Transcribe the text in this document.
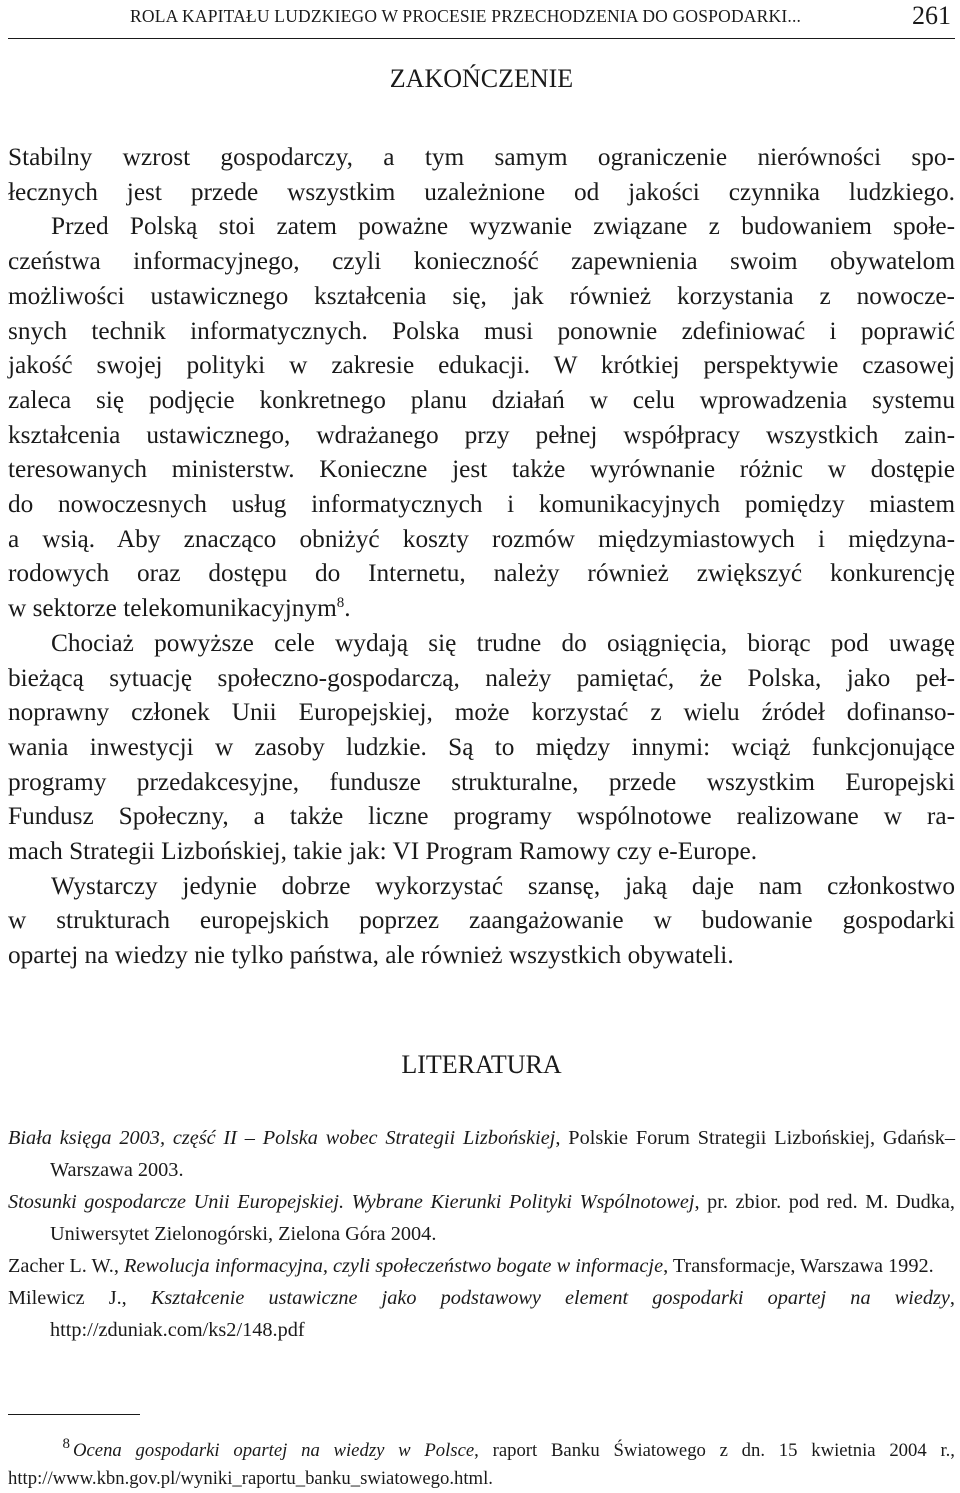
ROLA KAPITAŁU LUDZKIEGO W PROCESIE PRZECHODZENIA DO GOSPODARKI...	261
ZAKOŃCZENIE

Stabilny wzrost gospodarczy, a tym samym ograniczenie nierówności spo- łecznych jest przede wszystkim uzależnione od jakości czynnika ludzkiego. Przed Polską stoi zatem poważne wyzwanie związane z budowaniem społe- czeństwa informacyjnego, czyli konieczność zapewnienia swoim obywatelom możliwości ustawicznego kształcenia się, jak również korzystania z nowocze- snych technik informatycznych. Polska musi ponownie zdefiniować i poprawić jakość swojej polityki w zakresie edukacji. W krótkiej perspektywie czasowej zaleca się podjęcie konkretnego planu działań w celu wprowadzenia systemu kształcenia ustawicznego, wdrażanego przy pełnej współpracy wszystkich zain- teresowanych ministerstw. Konieczne jest także wyrównanie różnic w dostępie do nowoczesnych usług informatycznych i komunikacyjnych pomiędzy miastem a wsią. Aby znacząco obniżyć koszty rozmów międzymiastowych i międzyna- rodowych oraz dostępu do Internetu, należy również zwiększyć konkurencję w sektorze telekomunikacyjnym$^8$.

Chociaż powyższe cele wydają się trudne do osiągnięcia, biorąc pod uwagę bieżącą sytuację społeczno-gospodarczą, należy pamiętać, że Polska, jako peł- noprawny członek Unii Europejskiej, może korzystać z wielu źródeł dofinanso- wania inwestycji w zasoby ludzkie. Są to między innymi: wciąż funkcjonujące programy przedakcesyjne, fundusze strukturalne, przede wszystkim Europejski Fundusz Społeczny, a także liczne programy wspólnotowe realizowane w ra- mach Strategii Lizbońskiej, takie jak: VI Program Ramowy czy e-Europe.

Wystarczy jedynie dobrze wykorzystać szansę, jaką daje nam członkostwo w strukturach europejskich poprzez zaangażowanie w budowanie gospodarki opartej na wiedzy nie tylko państwa, ale również wszystkich obywateli.

LITERATURA

Biała księga 2003, część II – Polska wobec Strategii Lizbońskiej, Polskie Forum Strategii Lizbońskiej, Gdańsk–Warszawa 2003.

Stosunki gospodarcze Unii Europejskiej. Wybrane Kierunki Polityki Wspólnotowej, pr. zbior. pod red. M. Dudka, Uniwersytet Zielonogórski, Zielona Góra 2004.

Zacher L. W., Rewolucja informacyjna, czyli społeczeństwo bogate w informacje, Transformacje, Warszawa 1992.

Milewicz J., Kształcenie ustawiczne jako podstawowy element gospodarki opartej na wiedzy, http://zduniak.com/ks2/148.pdf

$^8$ Ocena gospodarki opartej na wiedzy w Polsce, raport Banku Światowego z dn. 15 kwietnia 2004 r., http://www.kbn.gov.pl/wyniki_raportu_banku_swiatowego.html.
